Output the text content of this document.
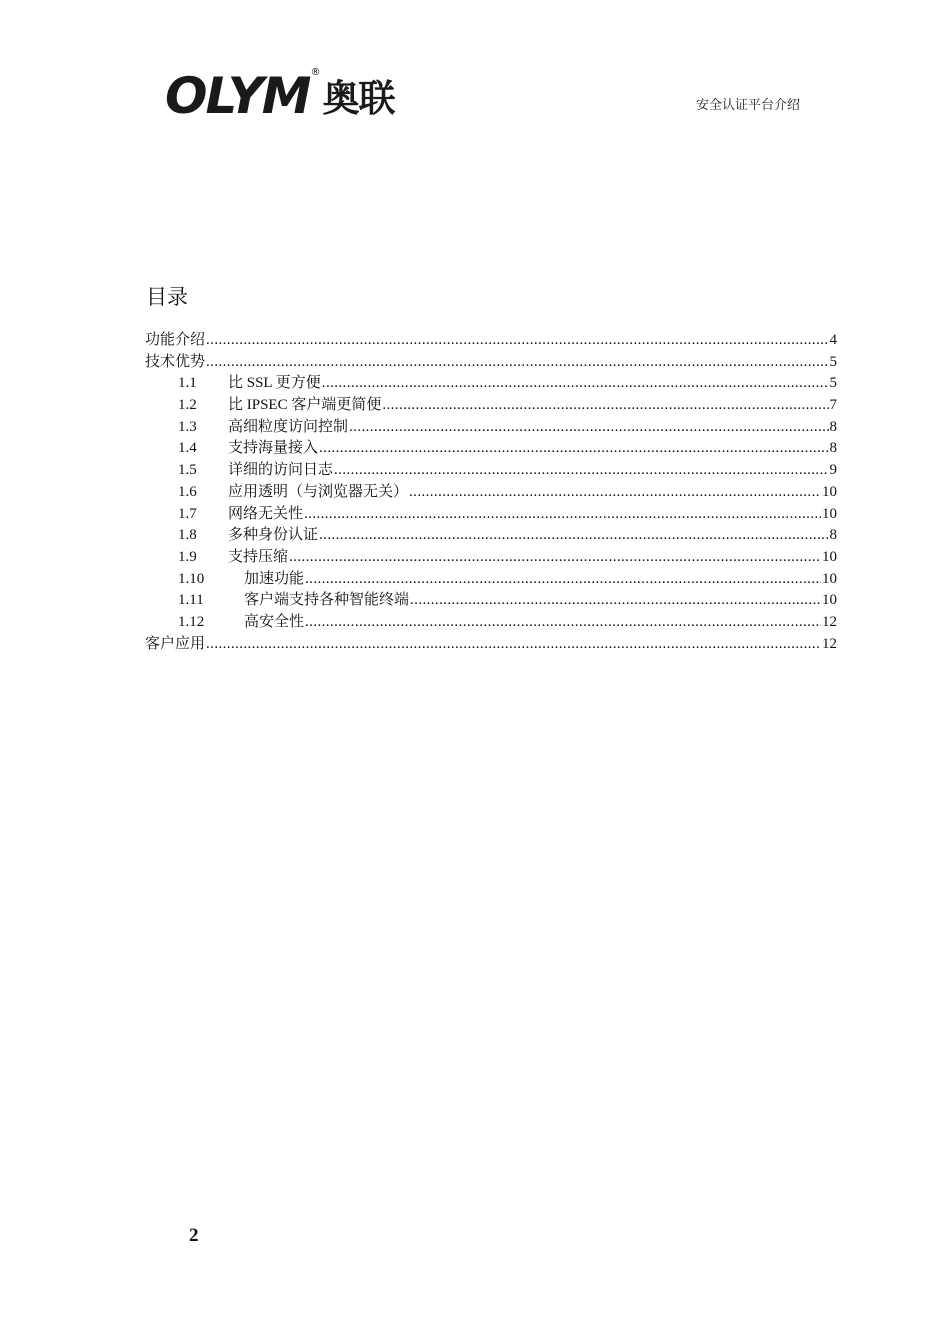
OLYM ®
奥联	安全认证平台介绍
目录
功能介绍 .....	4
技术优势 .....	5
1.1	比 SSL 更方便 .....	5
1.2	比 IPSEC 客户端更简便 .....	7
1.3	高细粒度访问控制 .....	8
1.4	支持海量接入 .....	8
1.5	详细的访问日志 .....	9
1.6	应用透明（与浏览器无关） .....	10
1.7	网络无关性 .....	10
1.8	多种身份认证 .....	8
1.9	支持压缩 .....	10
1.10	加速功能 .....	10
1.11	客户端支持各种智能终端 .....	10
1.12	高安全性 .....	12
客户应用 .....	12
2
